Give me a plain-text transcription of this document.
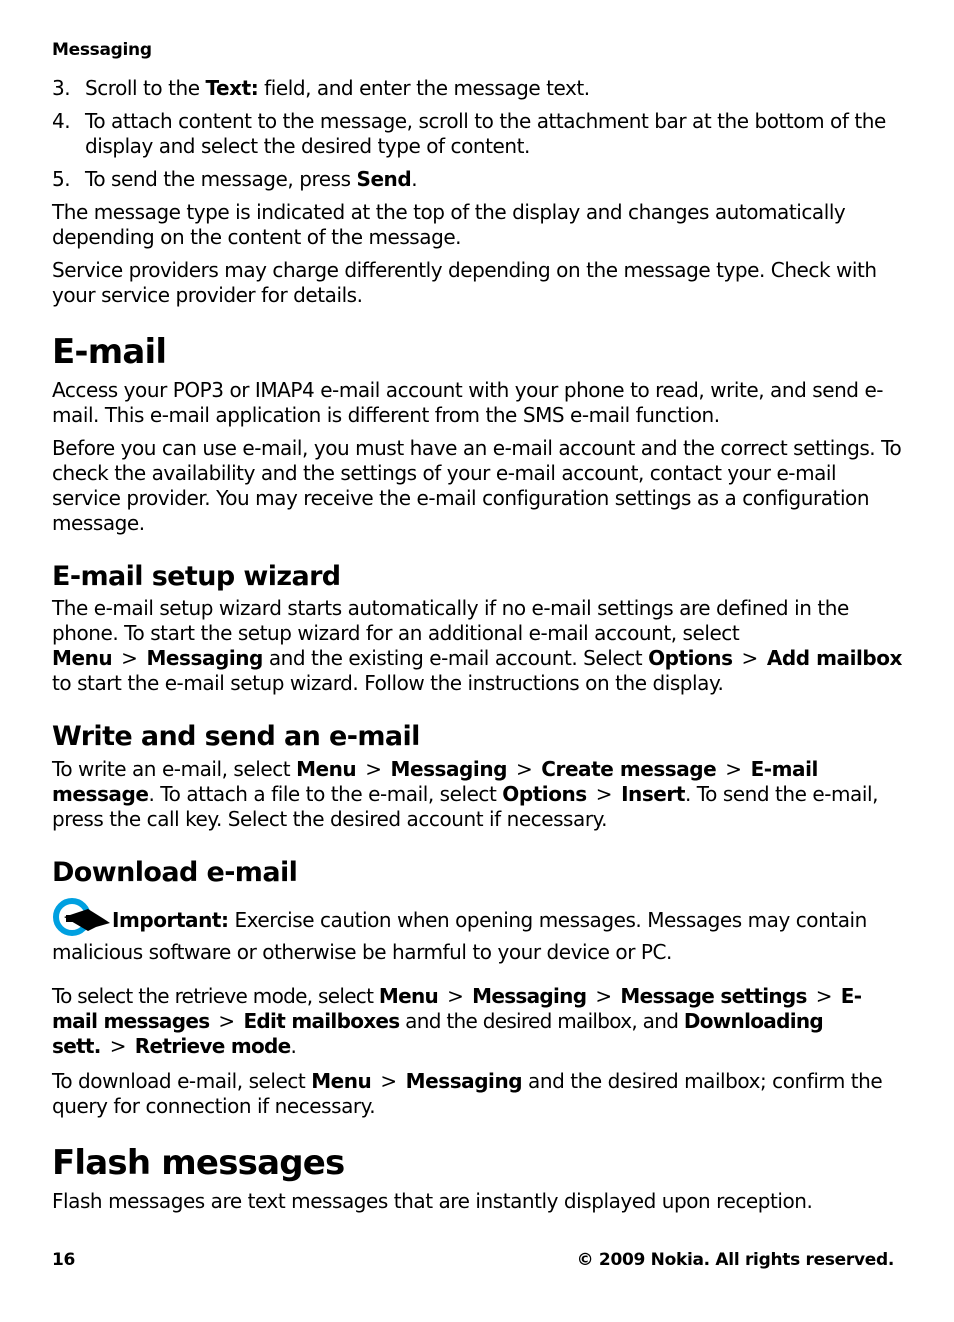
Messaging
3. Scroll to the Text: field, and enter the message text.
4. To attach content to the message, scroll to the attachment bar at the bottom of the display and select the desired type of content.
5. To send the message, press Send.

The message type is indicated at the top of the display and changes automatically depending on the content of the message.

Service providers may charge differently depending on the message type. Check with your service provider for details.

E-mail

Access your POP3 or IMAP4 e-mail account with your phone to read, write, and send e-mail. This e-mail application is different from the SMS e-mail function.

Before you can use e-mail, you must have an e-mail account and the correct settings. To check the availability and the settings of your e-mail account, contact your e-mail service provider. You may receive the e-mail configuration settings as a configuration message.

E-mail setup wizard

The e-mail setup wizard starts automatically if no e-mail settings are defined in the phone. To start the setup wizard for an additional e-mail account, select Menu > Messaging and the existing e-mail account. Select Options > Add mailbox to start the e-mail setup wizard. Follow the instructions on the display.

Write and send an e-mail

To write an e-mail, select Menu > Messaging > Create message > E-mail message. To attach a file to the e-mail, select Options > Insert. To send the e-mail, press the call key. Select the desired account if necessary.

Download e-mail

Important: Exercise caution when opening messages. Messages may contain malicious software or otherwise be harmful to your device or PC.

To select the retrieve mode, select Menu > Messaging > Message settings > E-mail messages > Edit mailboxes and the desired mailbox, and Downloading sett. > Retrieve mode.

To download e-mail, select Menu > Messaging and the desired mailbox; confirm the query for connection if necessary.

Flash messages

Flash messages are text messages that are instantly displayed upon reception.

16	© 2009 Nokia. All rights reserved.
